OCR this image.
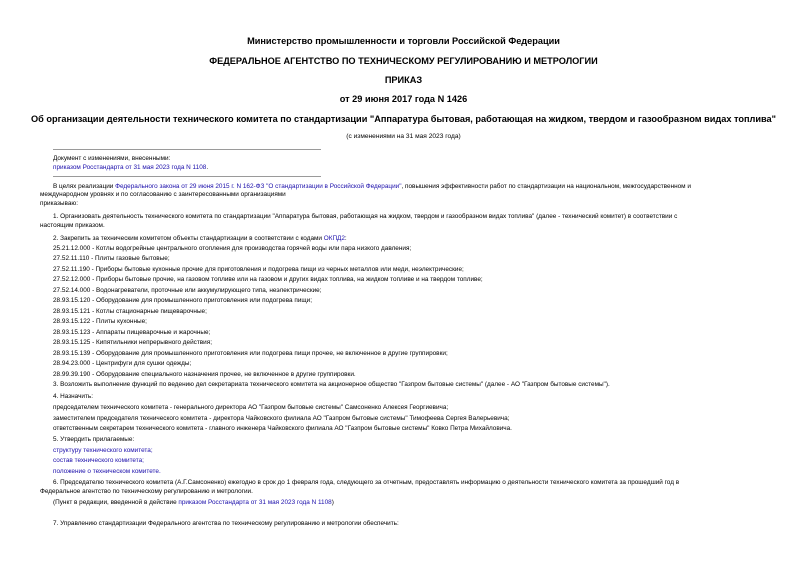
Министерство промышленности и торговли Российской Федерации
ФЕДЕРАЛЬНОЕ АГЕНТСТВО ПО ТЕХНИЧЕСКОМУ РЕГУЛИРОВАНИЮ И МЕТРОЛОГИИ
ПРИКАЗ
от 29 июня 2017 года N 1426
Об организации деятельности технического комитета по стандартизации "Аппаратура бытовая, работающая на жидком, твердом и газообразном видах топлива"
(с изменениями на 31 мая 2023 года)
Документ с изменениями, внесенными:
приказом Росстандарта от 31 мая 2023 года N 1108.
В целях реализации Федерального закона от 29 июня 2015 г. N 162-ФЗ "О стандартизации в Российской Федерации", повышения эффективности работ по стандартизации на национальном, межгосударственном и
международном уровнях и по согласованию с заинтересованными организациями
приказываю:
1. Организовать деятельность технического комитета по стандартизации "Аппаратура бытовая, работающая на жидком, твердом и газообразном видах топлива" (далее - технический комитет) в соответствии с
настоящим приказом.
2. Закрепить за техническим комитетом объекты стандартизации в соответствии с кодами ОКПД2:
25.21.12.000 - Котлы водогрейные центрального отопления для производства горячей воды или пара низкого давления;
27.52.11.110 - Плиты газовые бытовые;
27.52.11.190 - Приборы бытовые кухонные прочие для приготовления и подогрева пищи из черных металлов или меди, неэлектрические;
27.52.12.000 - Приборы бытовые прочие, на газовом топливе или на газовом и других видах топлива, на жидком топливе и на твердом топливе;
27.52.14.000 - Водонагреватели, проточные или аккумулирующего типа, неэлектрические;
28.93.15.120 - Оборудование для промышленного приготовления или подогрева пищи;
28.93.15.121 - Котлы стационарные пищеварочные;
28.93.15.122 - Плиты кухонные;
28.93.15.123 - Аппараты пищеварочные и жарочные;
28.93.15.125 - Кипятильники непрерывного действия;
28.93.15.139 - Оборудование для промышленного приготовления или подогрева пищи прочее, не включенное в другие группировки;
28.94.23.000 - Центрифуги для сушки одежды;
28.99.39.190 - Оборудование специального назначения прочее, не включенное в другие группировки.
3. Возложить выполнение функций по ведению дел секретариата технического комитета на акционерное общество "Газпром бытовые системы" (далее - АО "Газпром бытовые системы").
4. Назначить:
председателем технического комитета - генерального директора АО "Газпром бытовые системы" Самсоненко Алексея Георгиевича;
заместителем председателя технического комитета - директора Чайковского филиала АО "Газпром бытовые системы" Тимофеева Сергея Валерьевича;
ответственным секретарем технического комитета - главного инженера Чайковского филиала АО "Газпром бытовые системы" Ковко Петра Михайловича.
5. Утвердить прилагаемые:
структуру технического комитета;
состав технического комитета;
положение о техническом комитете.
6. Председателю технического комитета (А.Г.Самсоненко) ежегодно в срок до 1 февраля года, следующего за отчетным, предоставлять информацию о деятельности технического комитета за прошедший год в
Федеральное агентство по техническому регулированию и метрологии.
(Пункт в редакции, введенной в действие приказом Росстандарта от 31 мая 2023 года N 1108)
7. Управлению стандартизации Федерального агентства по техническому регулированию и метрологии обеспечить:
